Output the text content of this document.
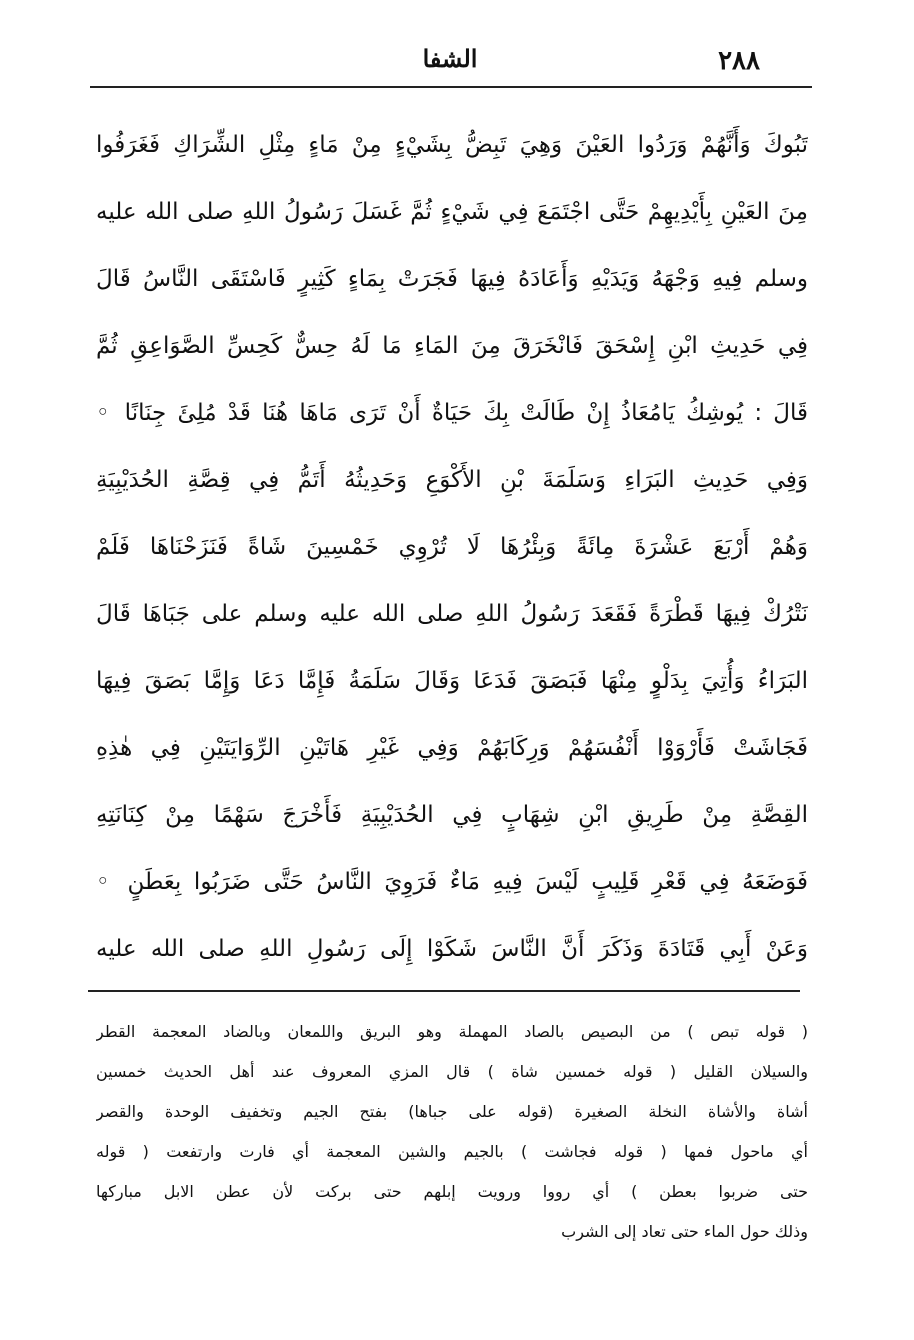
٢٨٨
الشفا
تَبُوكَ وَأَنَّهُمْ وَرَدُوا العَيْنَ وَهِيَ تَبِضُّ بِشَيْءٍ مِنْ مَاءٍ مِثْلِ الشِّرَاكِ فَغَرَفُوا
مِنَ العَيْنِ بِأَيْدِيهِمْ حَتَّى اجْتَمَعَ فِي شَيْءٍ ثُمَّ غَسَلَ رَسُولُ اللهِ صلى الله عليه
وسلم فِيهِ وَجْهَهُ وَيَدَيْهِ وَأَعَادَهُ فِيهَا فَجَرَتْ بِمَاءٍ كَثِيرٍ فَاسْتَقَى النَّاسُ قَالَ
فِي حَدِيثِ ابْنِ إِسْحَقَ فَانْخَرَقَ مِنَ المَاءِ مَا لَهُ حِسٌّ كَحِسِّ الصَّوَاعِقِ ثُمَّ
قَالَ : يُوشِكُ يَامُعَاذُ إِنْ طَالَتْ بِكَ حَيَاةٌ أَنْ تَرَى مَاهَا هُنَا قَدْ مُلِئَ جِنَانًا ◦
وَفِي حَدِيثِ البَرَاءِ وَسَلَمَةَ بْنِ الأَكْوَعِ وَحَدِيثُهُ أَتَمُّ فِي قِصَّةِ الحُدَيْبِيَةِ
وَهُمْ أَرْبَعَ عَشْرَةَ مِائَةً وَبِئْرُهَا لَا تُرْوِي خَمْسِينَ شَاةً فَنَزَحْنَاهَا فَلَمْ
نَتْرُكْ فِيهَا قَطْرَةً فَقَعَدَ رَسُولُ اللهِ صلى الله عليه وسلم على جَبَاهَا قَالَ
البَرَاءُ وَأُتِيَ بِدَلْوٍ مِنْهَا فَبَصَقَ فَدَعَا وَقَالَ سَلَمَةُ فَإِمَّا دَعَا وَإِمَّا بَصَقَ فِيهَا
فَجَاشَتْ فَأَرْوَوْا أَنْفُسَهُمْ وَرِكَابَهُمْ وَفِي غَيْرِ هَاتَيْنِ الرِّوَايَتَيْنِ فِي هٰذِهِ
القِصَّةِ مِنْ طَرِيقِ ابْنِ شِهَابٍ فِي الحُدَيْبِيَةِ فَأَخْرَجَ سَهْمًا مِنْ كِنَانَتِهِ
فَوَضَعَهُ فِي قَعْرِ قَلِيبٍ لَيْسَ فِيهِ مَاءٌ فَرَوِيَ النَّاسُ حَتَّى ضَرَبُوا بِعَطَنٍ ◦
وَعَنْ أَبِي قَتَادَةَ وَذَكَرَ أَنَّ النَّاسَ شَكَوْا إِلَى رَسُولِ اللهِ صلى الله عليه
( قوله تبص ) من البصيص بالصاد المهملة وهو البريق واللمعان وبالضاد المعجمة القطر
والسيلان القليل ( قوله خمسين شاة ) قال المزي المعروف عند أهل الحديث خمسين
أشاة والأشاة النخلة الصغيرة (قوله على جباها) بفتح الجيم وتخفيف الوحدة والقصر
أي ماحول فمها ( قوله فجاشت ) بالجيم والشين المعجمة أي فارت وارتفعت ( قوله
حتى ضربوا بعطن ) أي رووا ورويت إبلهم حتى بركت لأن عطن الابل مباركها
وذلك حول الماء حتى تعاد إلى الشرب
